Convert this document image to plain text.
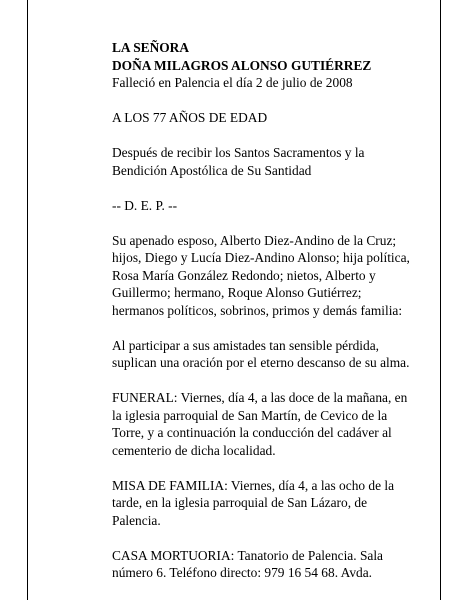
LA SEÑORA
DOÑA MILAGROS ALONSO GUTIÉRREZ
Falleció en Palencia el día 2 de julio de 2008

A LOS 77 AÑOS DE EDAD

Después de recibir los Santos Sacramentos y la
Bendición Apostólica de Su Santidad

-- D. E. P. --

Su apenado esposo, Alberto Diez-Andino de la Cruz;
hijos, Diego y Lucía Diez-Andino Alonso; hija política,
Rosa María González Redondo; nietos, Alberto y
Guillermo; hermano, Roque Alonso Gutiérrez;
hermanos políticos, sobrinos, primos y demás familia:

Al participar a sus amistades tan sensible pérdida,
suplican una oración por el eterno descanso de su alma.

FUNERAL: Viernes, día 4, a las doce de la mañana, en
la iglesia parroquial de San Martín, de Cevico de la
Torre, y a continuación la conducción del cadáver al
cementerio de dicha localidad.

MISA DE FAMILIA: Viernes, día 4, a las ocho de la
tarde, en la iglesia parroquial de San Lázaro, de
Palencia.

CASA MORTUORIA: Tanatorio de Palencia. Sala
número 6. Teléfono directo: 979 16 54 68. Avda.
